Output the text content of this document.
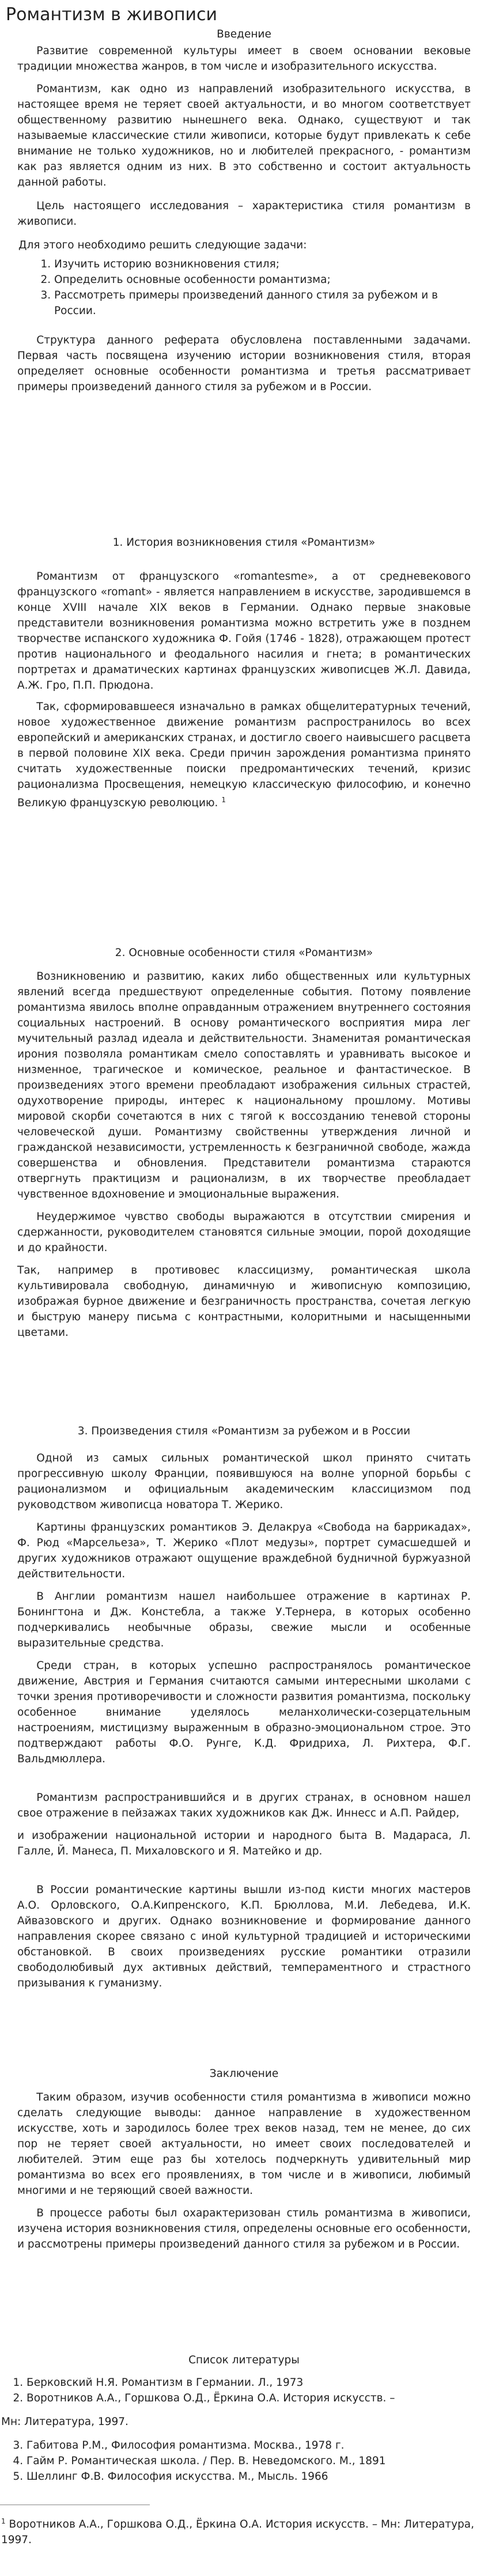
Романтизм в живописи

Введение

Развитие современной культуры имеет в своем основании вековые традиции множества жанров, в том числе и изобразительного искусства.

Романтизм, как одно из направлений изобразительного искусства, в настоящее время не теряет своей актуальности, и во многом соответствует общественному развитию нынешнего века. Однако, существуют и так называемые классические стили живописи, которые будут привлекать к себе внимание не только художников, но и любителей прекрасного, - романтизм как раз является одним из них. В это собственно и состоит актуальность данной работы.

Цель настоящего исследования – характеристика стиля романтизм в живописи.

Для этого необходимо решить следующие задачи:

1. Изучить историю возникновения стиля;
2. Определить основные особенности романтизма;
3. Рассмотреть примеры произведений данного стиля за рубежом и в России.

Структура данного реферата обусловлена поставленными задачами. Первая часть посвящена изучению истории возникновения стиля, вторая определяет основные особенности романтизма и третья рассматривает примеры произведений данного стиля за рубежом и в России.

1. История возникновения стиля «Романтизм»

Романтизм от французского «romantesme», а от средневекового французского «romant» - является направлением в искусстве, зародившемся в конце XVIII начале XIX веков в Германии. Однако первые знаковые представители возникновения романтизма можно встретить уже в позднем творчестве испанского художника Ф. Гойя (1746 - 1828), отражающем протест против национального и феодального насилия и гнета; в романтических портретах и драматических картинах французских живописцев Ж.Л. Давида, А.Ж. Гро, П.П. Прюдона.

Так, сформировавшееся изначально в рамках общелитературных течений, новое художественное движение романтизм распространилось во всех европейский и американских странах, и достигло своего наивысшего расцвета в первой половине XIX века. Среди причин зарождения романтизма принято считать художественные поиски предромантических течений, кризис рационализма Просвещения, немецкую классическую философию, и конечно Великую французскую революцию. $^1$

2. Основные особенности стиля «Романтизм»

Возникновению и развитию, каких либо общественных или культурных явлений всегда предшествуют определенные события. Потому появление романтизма явилось вполне оправданным отражением внутреннего состояния социальных настроений. В основу романтического восприятия мира лег мучительный разлад идеала и действительности. Знаменитая романтическая ирония позволяла романтикам смело сопоставлять и уравнивать высокое и низменное, трагическое и комическое, реальное и фантастическое. В произведениях этого времени преобладают изображения сильных страстей, одухотворение природы, интерес к национальному прошлому. Мотивы мировой скорби сочетаются в них с тягой к воссозданию теневой стороны человеческой души. Романтизму свойственны утверждения личной и гражданской независимости, устремленность к безграничной свободе, жажда совершенства и обновления. Представители романтизма стараются отвергнуть практицизм и рационализм, в их творчестве преобладает чувственное вдохновение и эмоциональные выражения.

Неудержимое чувство свободы выражаются в отсутствии смирения и сдержанности, руководителем становятся сильные эмоции, порой доходящие и до крайности.

Так, например в противовес классицизму, романтическая школа культивировала свободную, динамичную и живописную композицию, изображая бурное движение и безграничность пространства, сочетая легкую и быструю манеру письма с контрастными, колоритными и насыщенными цветами.

3. Произведения стиля «Романтизм за рубежом и в России

Одной из самых сильных романтической школ принято считать прогрессивную школу Франции, появившуюся на волне упорной борьбы с рационализмом и официальным академическим классицизмом под руководством живописца новатора Т. Жерико.

Картины французских романтиков Э. Делакруа «Свобода на баррикадах», Ф. Рюд «Марсельеза», Т. Жерико «Плот медузы», портрет сумасшедшей и других художников отражают ощущение враждебной будничной буржуазной действительности.

В Англии романтизм нашел наибольшее отражение в картинах Р. Бонингтона и Дж. Констебла, а также У.Тернера, в которых особенно подчеркивались необычные образы, свежие мысли и особенные выразительные средства.

Среди стран, в которых успешно распространялось романтическое движение, Австрия и Германия считаются самыми интересными школами с точки зрения противоречивости и сложности развития романтизма, поскольку особенное внимание уделялось меланхолически-созерцательным настроениям, мистицизму выраженным в образно-эмоциональном строе. Это подтверждают работы Ф.О. Рунге, К.Д. Фридриха, Л. Рихтера, Ф.Г. Вальдмюллера.

Романтизм распространившийся и в других странах, в основном нашел свое отражение в пейзажах таких художников как Дж. Иннесс и А.П. Райдер,

и изображении национальной истории и народного быта В. Мадараса, Л. Галле, Й. Манеса, П. Михаловского и Я. Матейко и др.

В России романтические картины вышли из-под кисти многих мастеров А.О. Орловского, О.А.Кипренского, К.П. Брюллова, М.И. Лебедева, И.К. Айвазовского и других. Однако возникновение и формирование данного направления скорее связано с иной культурной традицией и историческими обстановкой. В своих произведениях русские романтики отразили свободолюбивый дух активных действий, темпераментного и страстного призывания к гуманизму.

Заключение

Таким образом, изучив особенности стиля романтизма в живописи можно сделать следующие выводы: данное направление в художественном искусстве, хоть и зародилось более трех веков назад, тем не менее, до сих пор не теряет своей актуальности, но имеет своих последователей и любителей. Этим еще раз бы хотелось подчеркнуть удивительный мир романтизма во всех его проявлениях, в том числе и в живописи, любимый многими и не теряющий своей важности.

В процессе работы был охарактеризован стиль романтизма в живописи, изучена история возникновения стиля, определены основные его особенности, и рассмотрены примеры произведений данного стиля за рубежом и в России.

Список литературы

1. Берковский Н.Я. Романтизм в Германии. Л., 1973
2. Воротников А.А., Горшкова О.Д., Ёркина О.А. История искусств. –

Мн: Литература, 1997.

3. Габитова Р.М., Философия романтизма. Москва., 1978 г.
4. Гайм Р. Романтическая школа. / Пер. В. Неведомского. М., 1891
5. Шеллинг Ф.В. Философия искусства. М., Мысль. 1966
$^1$ Воротников А.А., Горшкова О.Д., Ёркина О.А. История искусств. – Мн: Литература, 1997.
